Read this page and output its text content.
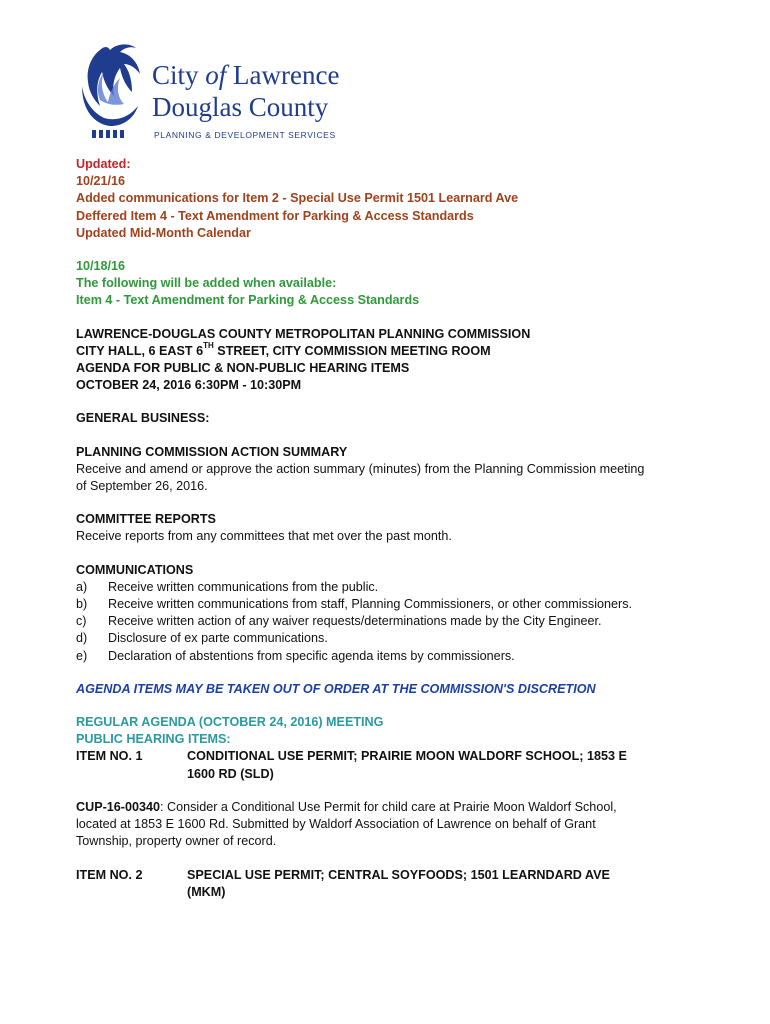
City of Lawrence
Douglas County
PLANNING & DEVELOPMENT SERVICES
Updated:
10/21/16
Added communications for Item 2 - Special Use Permit 1501 Learnard Ave
Deffered Item 4 - Text Amendment for Parking & Access Standards
Updated Mid-Month Calendar
10/18/16
The following will be added when available:
Item 4 - Text Amendment for Parking & Access Standards
LAWRENCE-DOUGLAS COUNTY METROPOLITAN PLANNING COMMISSION
CITY HALL, 6 EAST 6TH STREET, CITY COMMISSION MEETING ROOM
AGENDA FOR PUBLIC & NON-PUBLIC HEARING ITEMS
OCTOBER 24, 2016 6:30PM - 10:30PM
GENERAL BUSINESS:
PLANNING COMMISSION ACTION SUMMARY
Receive and amend or approve the action summary (minutes) from the Planning Commission meeting
of September 26, 2016.
COMMITTEE REPORTS
Receive reports from any committees that met over the past month.
COMMUNICATIONS
a)	Receive written communications from the public.
b)	Receive written communications from staff, Planning Commissioners, or other commissioners.
c)	Receive written action of any waiver requests/determinations made by the City Engineer.
d)	Disclosure of ex parte communications.
e)	Declaration of abstentions from specific agenda items by commissioners.
AGENDA ITEMS MAY BE TAKEN OUT OF ORDER AT THE COMMISSION'S DISCRETION
REGULAR AGENDA (OCTOBER 24, 2016) MEETING
PUBLIC HEARING ITEMS:
ITEM NO. 1	CONDITIONAL USE PERMIT; PRAIRIE MOON WALDORF SCHOOL; 1853 E
1600 RD (SLD)
CUP-16-00340: Consider a Conditional Use Permit for child care at Prairie Moon Waldorf School,
located at 1853 E 1600 Rd. Submitted by Waldorf Association of Lawrence on behalf of Grant
Township, property owner of record.
ITEM NO. 2	SPECIAL USE PERMIT; CENTRAL SOYFOODS; 1501 LEARNDARD AVE
(MKM)
